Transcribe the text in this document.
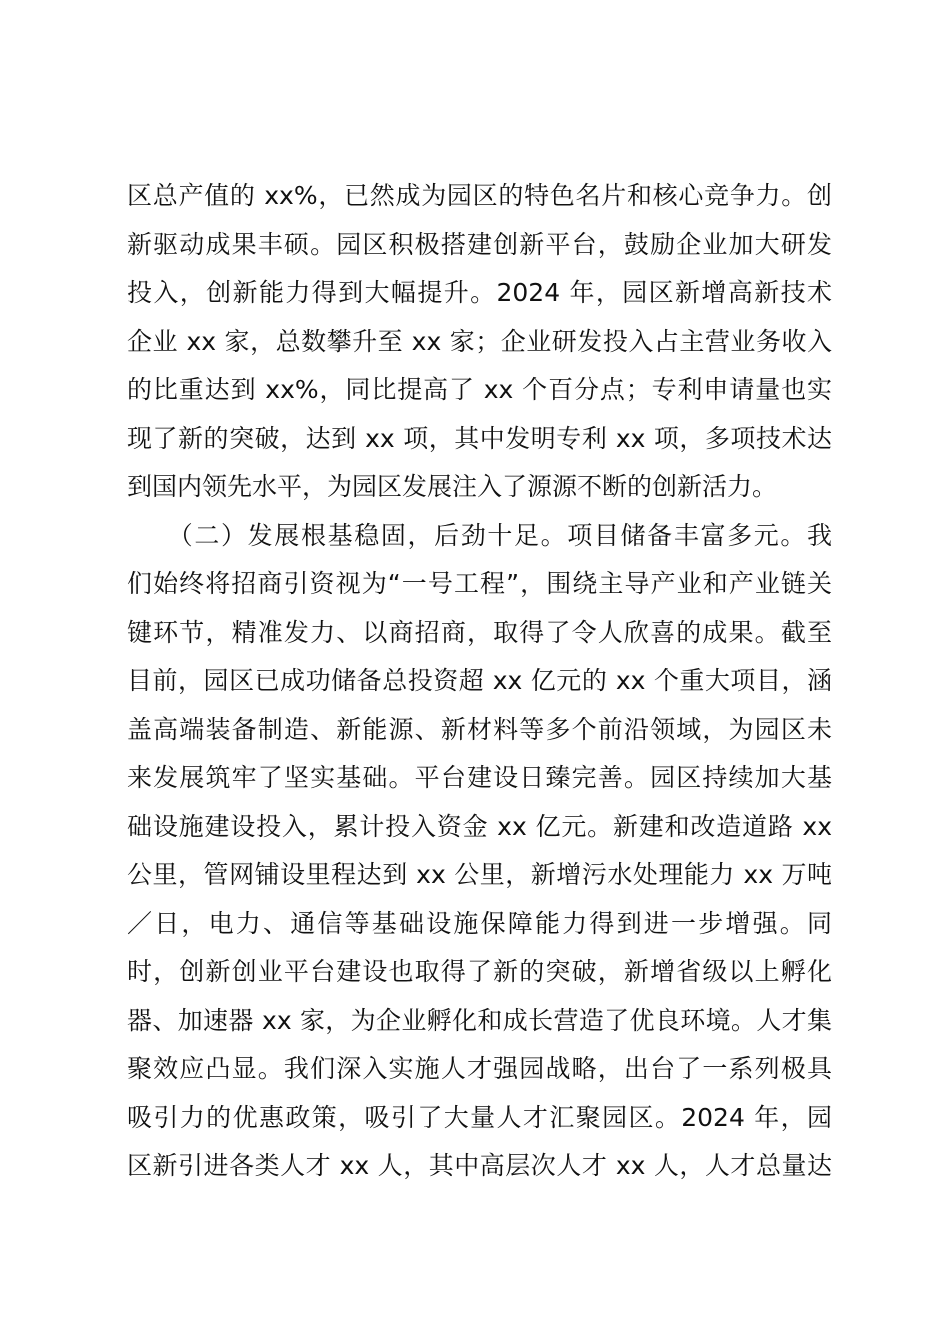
区总产值的 xx%，已然成为园区的特色名片和核心竞争力。创
新驱动成果丰硕。园区积极搭建创新平台，鼓励企业加大研发
投入，创新能力得到大幅提升。2024 年，园区新增高新技术
企业 xx 家，总数攀升至 xx 家；企业研发投入占主营业务收入
的比重达到 xx%，同比提高了 xx 个百分点；专利申请量也实
现了新的突破，达到 xx 项，其中发明专利 xx 项，多项技术达
到国内领先水平，为园区发展注入了源源不断的创新活力。
　　（二）发展根基稳固，后劲十足。项目储备丰富多元。我
们始终将招商引资视为“一号工程”，围绕主导产业和产业链关
键环节，精准发力、以商招商，取得了令人欣喜的成果。截至
目前，园区已成功储备总投资超 xx 亿元的 xx 个重大项目，涵
盖高端装备制造、新能源、新材料等多个前沿领域，为园区未
来发展筑牢了坚实基础。平台建设日臻完善。园区持续加大基
础设施建设投入，累计投入资金 xx 亿元。新建和改造道路 xx
公里，管网铺设里程达到 xx 公里，新增污水处理能力 xx 万吨
／日，电力、通信等基础设施保障能力得到进一步增强。同
时，创新创业平台建设也取得了新的突破，新增省级以上孵化
器、加速器 xx 家，为企业孵化和成长营造了优良环境。人才集
聚效应凸显。我们深入实施人才强园战略，出台了一系列极具
吸引力的优惠政策，吸引了大量人才汇聚园区。2024 年，园
区新引进各类人才 xx 人，其中高层次人才 xx 人，人才总量达
